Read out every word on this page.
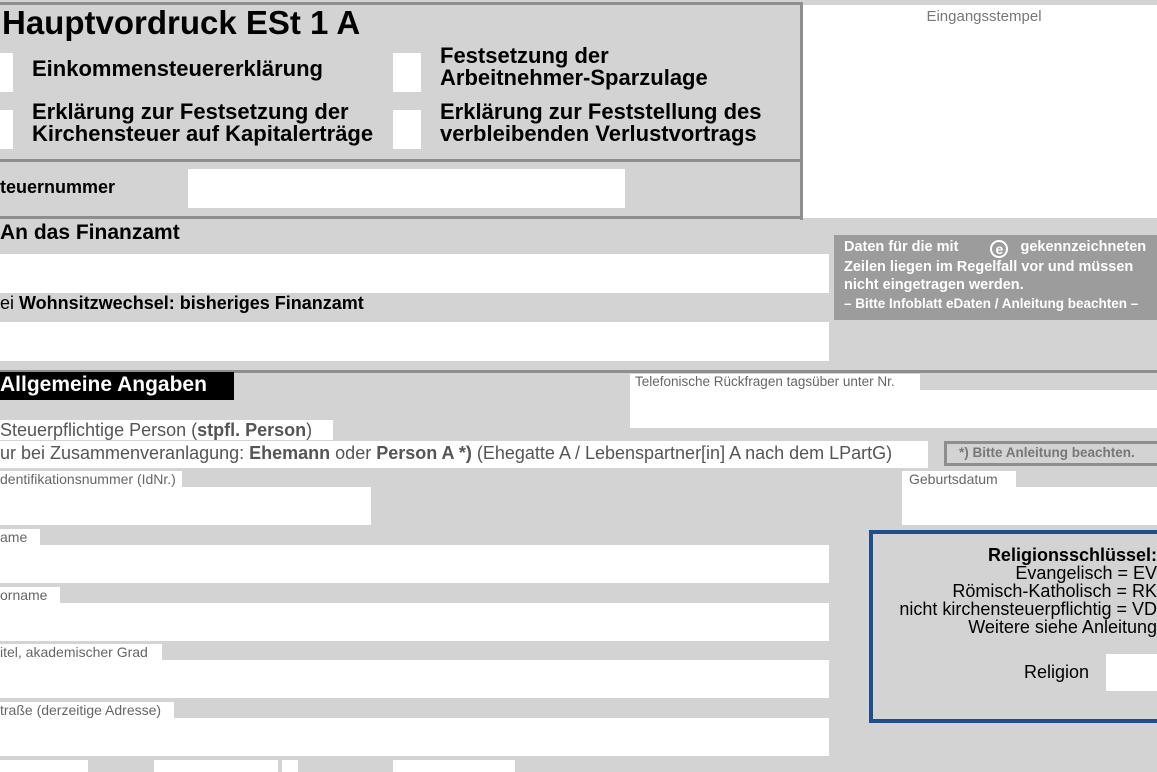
Hauptvordruck ESt 1 A
Einkommensteuererklärung
Festsetzung der
Arbeitnehmer-Sparzulage
Erklärung zur Festsetzung der
Kirchensteuer auf Kapitalerträge
Erklärung zur Feststellung des
verbleibenden Verlustvortrags
teuernummer
Eingangsstempel
An das Finanzamt
ei Wohnsitzwechsel: bisheriges Finanzamt
Daten für die mit	e gekennzeichneten
Zeilen liegen im Regelfall vor und müssen
nicht eingetragen werden.
– Bitte Infoblatt eDaten / Anleitung beachten –
Allgemeine Angaben	Telefonische Rückfragen tagsüber unter Nr.
Steuerpflichtige Person (stpfl. Person)
ur bei Zusammenveranlagung: Ehemann oder Person A *) (Ehegatte A / Lebenspartner[in] A nach dem LPartG)	*) Bitte Anleitung beachten.
dentifikationsnummer (IdNr.)	Geburtsdatum
ame
orname
itel, akademischer Grad
traße (derzeitige Adresse)
Religionsschlüssel:
Evangelisch = EV
Römisch-Katholisch = RK
nicht kirchensteuerpflichtig = VD
Weitere siehe Anleitung
Religion
